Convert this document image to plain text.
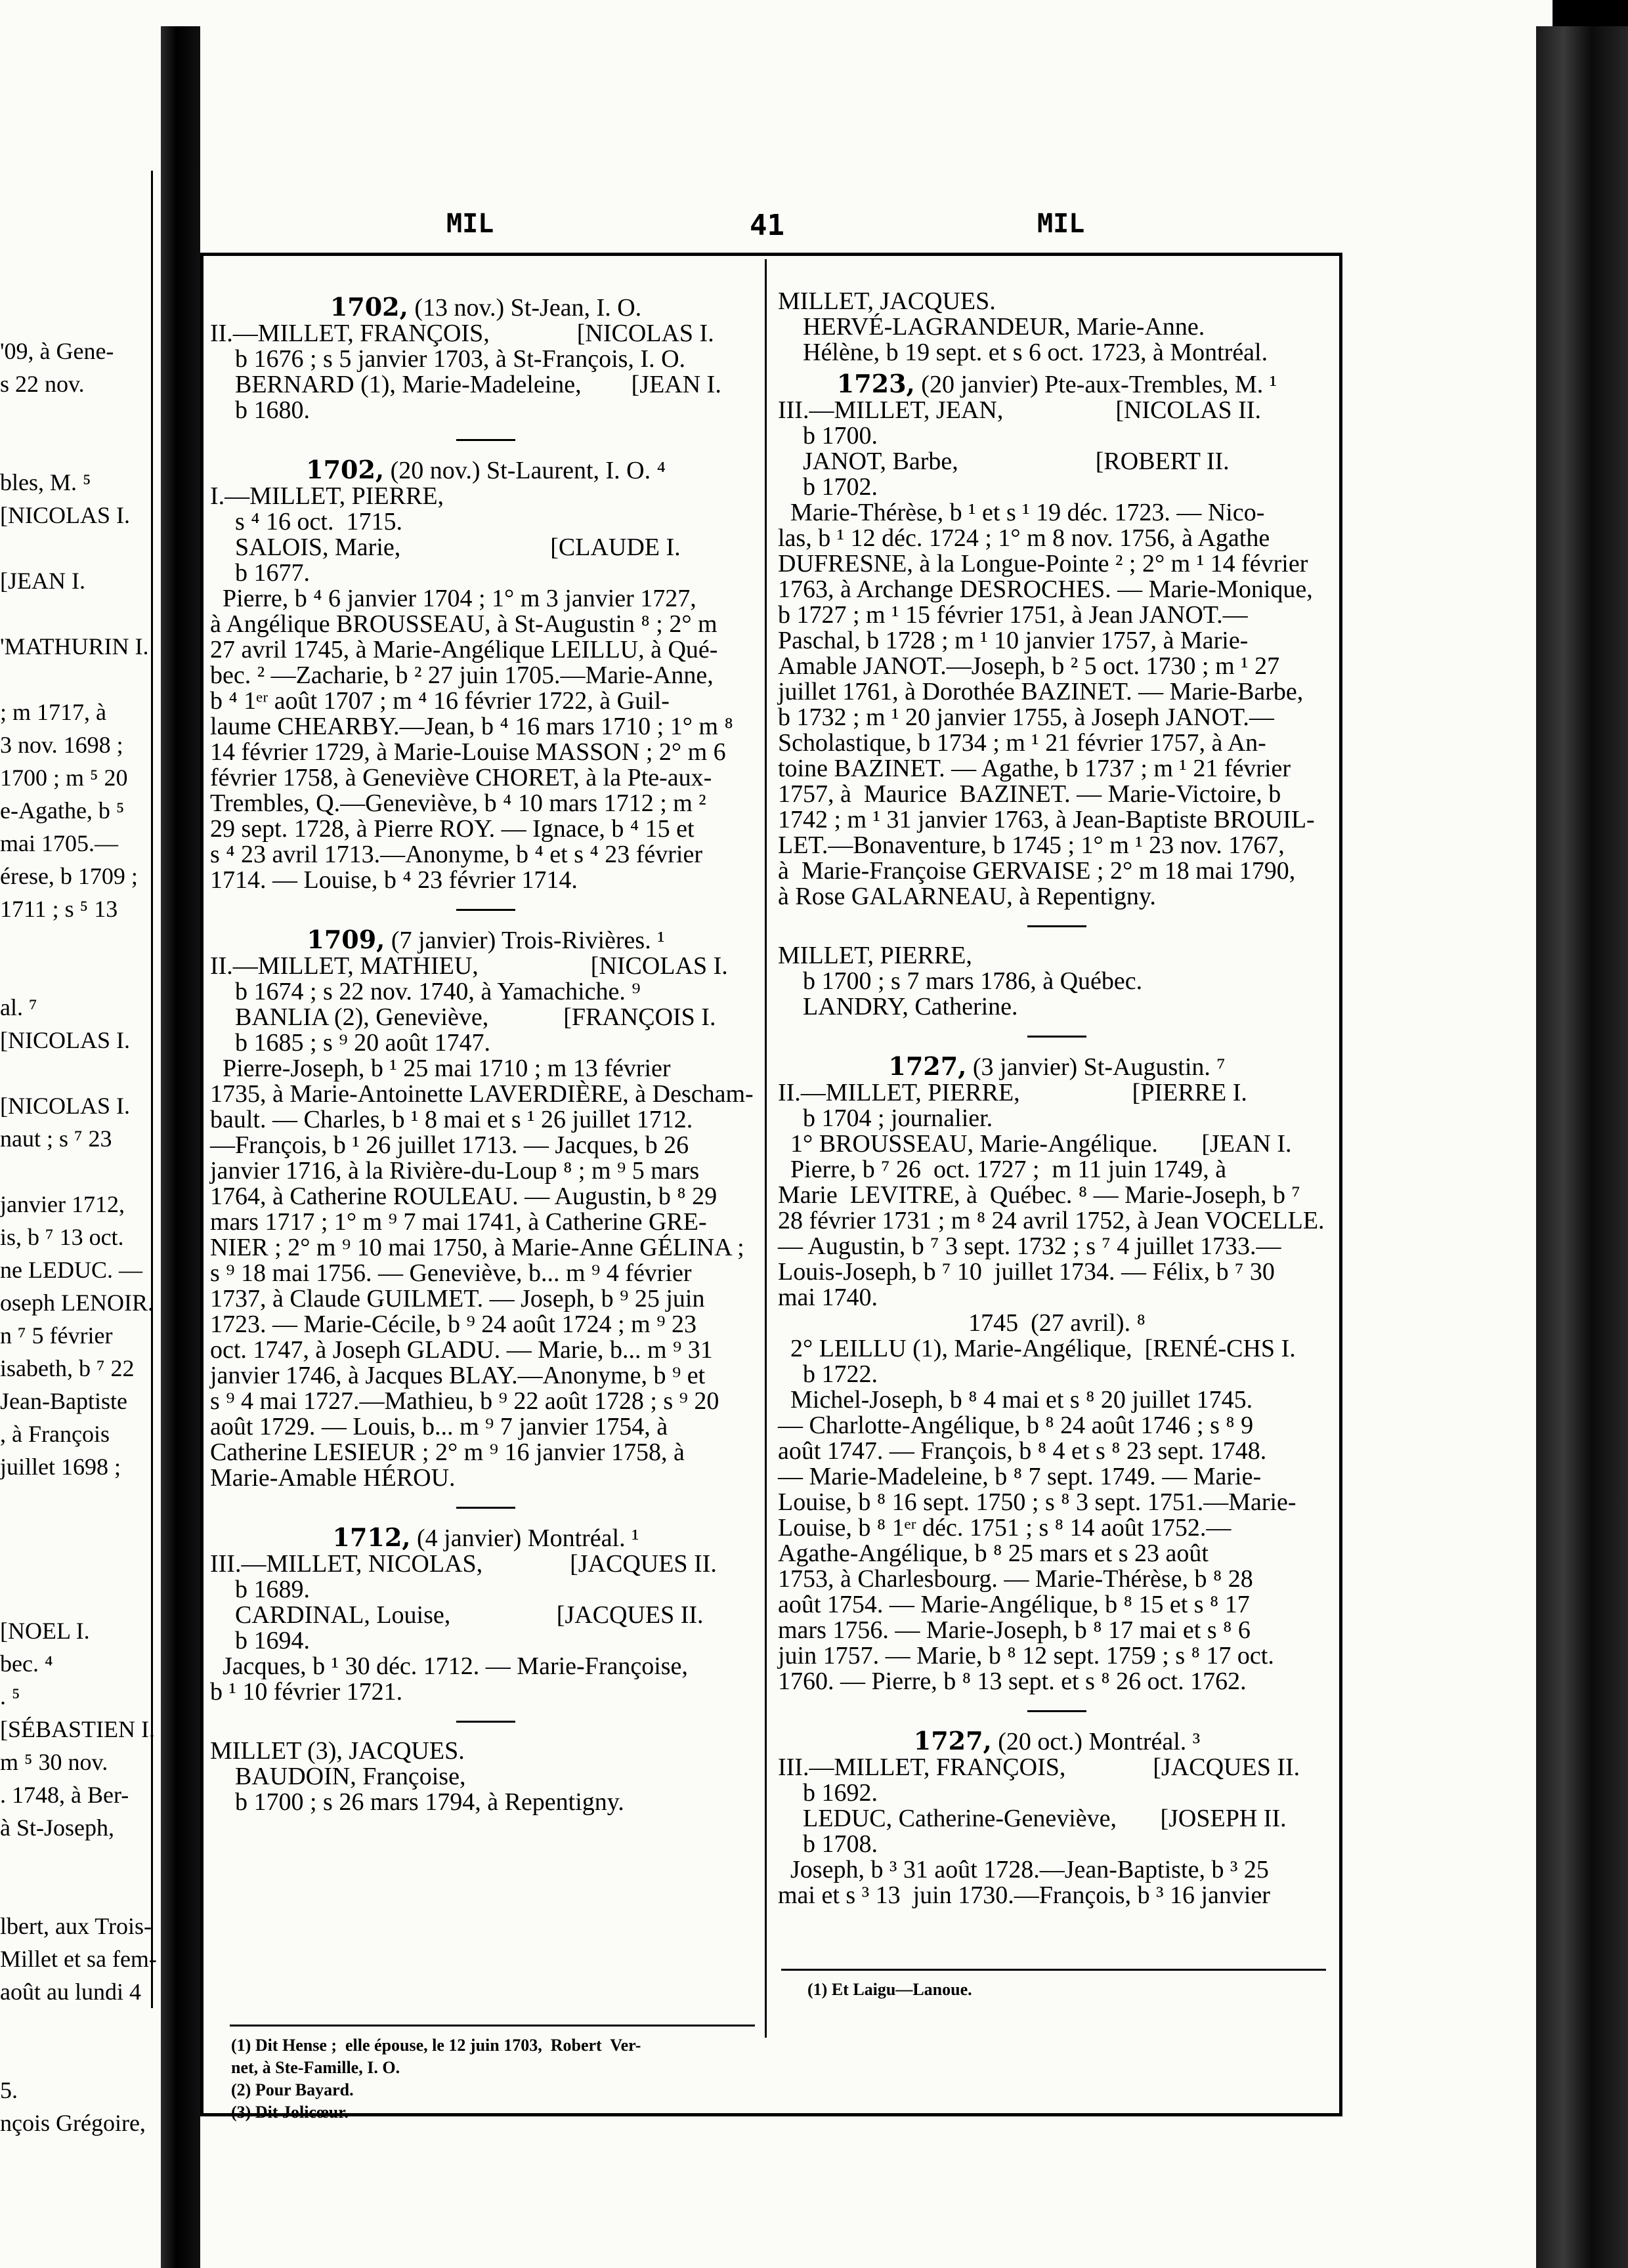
'09, à Gene-
s 22 nov.

bles, M. ⁵
[NICOLAS I.

[JEAN I.

'MATHURIN I.

; m 1717, à
3 nov. 1698 ;
1700 ; m ⁵ 20
e-Agathe, b ⁵
mai 1705.—
érese, b 1709 ;
1711 ; s ⁵ 13

al. ⁷
[NICOLAS I.

[NICOLAS I.
naut ; s ⁷ 23

janvier 1712,
is, b ⁷ 13 oct.
ne LEDUC. —
oseph LENOIR.
n ⁷ 5 février
isabeth, b ⁷ 22
Jean-Baptiste
, à François
juillet 1698 ;

[NOEL I.
bec. ⁴
. ⁵
[SÉBASTIEN I.
m ⁵ 30 nov.
. 1748, à Ber-
à St-Joseph,

lbert, aux Trois-
Millet et sa fem-
août au lundi 4

5.
nçois Grégoire,
MIL	41	MIL
1702, (13 nov.) St-Jean, I. O.
II.—MILLET, FRANÇOIS,              [NICOLAS I.
b 1676 ; s 5 janvier 1703, à St-François, I. O.
BERNARD (1), Marie-Madeleine,        [JEAN I.
b 1680.
1702, (20 nov.) St-Laurent, I. O. ⁴
I.—MILLET, PIERRE,
s ⁴ 16 oct.  1715.
SALOIS, Marie,                        [CLAUDE I.
b 1677.
Pierre, b ⁴ 6 janvier 1704 ; 1° m 3 janvier 1727,
à Angélique BROUSSEAU, à St-Augustin ⁸ ; 2° m
27 avril 1745, à Marie-Angélique LEILLU, à Qué-
bec. ² —Zacharie, b ² 27 juin 1705.—Marie-Anne,
b ⁴ 1ᵉʳ août 1707 ; m ⁴ 16 février 1722, à Guil-
laume CHEARBY.—Jean, b ⁴ 16 mars 1710 ; 1° m ⁸
14 février 1729, à Marie-Louise MASSON ; 2° m 6
février 1758, à Geneviève CHORET, à la Pte-aux-
Trembles, Q.—Geneviève, b ⁴ 10 mars 1712 ; m ²
29 sept. 1728, à Pierre ROY. — Ignace, b ⁴ 15 et
s ⁴ 23 avril 1713.—Anonyme, b ⁴ et s ⁴ 23 février
1714. — Louise, b ⁴ 23 février 1714.
1709, (7 janvier) Trois-Rivières. ¹
II.—MILLET, MATHIEU,                  [NICOLAS I.
b 1674 ; s 22 nov. 1740, à Yamachiche. ⁹
BANLIA (2), Geneviève,            [FRANÇOIS I.
b 1685 ; s ⁹ 20 août 1747.
Pierre-Joseph, b ¹ 25 mai 1710 ; m 13 février
1735, à Marie-Antoinette LAVERDIÈRE, à Descham-
bault. — Charles, b ¹ 8 mai et s ¹ 26 juillet 1712.
—François, b ¹ 26 juillet 1713. — Jacques, b 26
janvier 1716, à la Rivière-du-Loup ⁸ ; m ⁹ 5 mars
1764, à Catherine ROULEAU. — Augustin, b ⁸ 29
mars 1717 ; 1° m ⁹ 7 mai 1741, à Catherine GRE-
NIER ; 2° m ⁹ 10 mai 1750, à Marie-Anne GÉLINA ;
s ⁹ 18 mai 1756. — Geneviève, b... m ⁹ 4 février
1737, à Claude GUILMET. — Joseph, b ⁹ 25 juin
1723. — Marie-Cécile, b ⁹ 24 août 1724 ; m ⁹ 23
oct. 1747, à Joseph GLADU. — Marie, b... m ⁹ 31
janvier 1746, à Jacques BLAY.—Anonyme, b ⁹ et
s ⁹ 4 mai 1727.—Mathieu, b ⁹ 22 août 1728 ; s ⁹ 20
août 1729. — Louis, b... m ⁹ 7 janvier 1754, à
Catherine LESIEUR ; 2° m ⁹ 16 janvier 1758, à
Marie-Amable HÉROU.
1712, (4 janvier) Montréal. ¹
III.—MILLET, NICOLAS,              [JACQUES II.
b 1689.
CARDINAL, Louise,                 [JACQUES II.
b 1694.
Jacques, b ¹ 30 déc. 1712. — Marie-Françoise,
b ¹ 10 février 1721.
MILLET (3), JACQUES.
BAUDOIN, Françoise,
b 1700 ; s 26 mars 1794, à Repentigny.
(1) Dit Hense ;  elle épouse, le 12 juin 1703,  Robert  Ver-
net, à Ste-Famille, I. O.
(2) Pour Bayard.
(3) Dit Jolicœur.
MILLET, JACQUES.
HERVÉ-LAGRANDEUR, Marie-Anne.
Hélène, b 19 sept. et s 6 oct. 1723, à Montréal.
1723, (20 janvier) Pte-aux-Trembles, M. ¹
III.—MILLET, JEAN,                  [NICOLAS II.
b 1700.
JANOT, Barbe,                      [ROBERT II.
b 1702.
Marie-Thérèse, b ¹ et s ¹ 19 déc. 1723. — Nico-
las, b ¹ 12 déc. 1724 ; 1° m 8 nov. 1756, à Agathe
DUFRESNE, à la Longue-Pointe ² ; 2° m ¹ 14 février
1763, à Archange DESROCHES. — Marie-Monique,
b 1727 ; m ¹ 15 février 1751, à Jean JANOT.—
Paschal, b 1728 ; m ¹ 10 janvier 1757, à Marie-
Amable JANOT.—Joseph, b ² 5 oct. 1730 ; m ¹ 27
juillet 1761, à Dorothée BAZINET. — Marie-Barbe,
b 1732 ; m ¹ 20 janvier 1755, à Joseph JANOT.—
Scholastique, b 1734 ; m ¹ 21 février 1757, à An-
toine BAZINET. — Agathe, b 1737 ; m ¹ 21 février
1757, à  Maurice  BAZINET. — Marie-Victoire, b
1742 ; m ¹ 31 janvier 1763, à Jean-Baptiste BROUIL-
LET.—Bonaventure, b 1745 ; 1° m ¹ 23 nov. 1767,
à  Marie-Françoise GERVAISE ; 2° m 18 mai 1790,
à Rose GALARNEAU, à Repentigny.
MILLET, PIERRE,
b 1700 ; s 7 mars 1786, à Québec.
LANDRY, Catherine.
1727, (3 janvier) St-Augustin. ⁷
II.—MILLET, PIERRE,                  [PIERRE I.
b 1704 ; journalier.
1° BROUSSEAU, Marie-Angélique.       [JEAN I.
Pierre, b ⁷ 26  oct. 1727 ;  m 11 juin 1749, à
Marie  LEVITRE, à  Québec. ⁸ — Marie-Joseph, b ⁷
28 février 1731 ; m ⁸ 24 avril 1752, à Jean VOCELLE.
— Augustin, b ⁷ 3 sept. 1732 ; s ⁷ 4 juillet 1733.—
Louis-Joseph, b ⁷ 10  juillet 1734. — Félix, b ⁷ 30
mai 1740.
1745  (27 avril). ⁸
2° LEILLU (1), Marie-Angélique,  [RENÉ-CHS I.
b 1722.
Michel-Joseph, b ⁸ 4 mai et s ⁸ 20 juillet 1745.
— Charlotte-Angélique, b ⁸ 24 août 1746 ; s ⁸ 9
août 1747. — François, b ⁸ 4 et s ⁸ 23 sept. 1748.
— Marie-Madeleine, b ⁸ 7 sept. 1749. — Marie-
Louise, b ⁸ 16 sept. 1750 ; s ⁸ 3 sept. 1751.—Marie-
Louise, b ⁸ 1ᵉʳ déc. 1751 ; s ⁸ 14 août 1752.—
Agathe-Angélique, b ⁸ 25 mars et s 23 août
1753, à Charlesbourg. — Marie-Thérèse, b ⁸ 28
août 1754. — Marie-Angélique, b ⁸ 15 et s ⁸ 17
mars 1756. — Marie-Joseph, b ⁸ 17 mai et s ⁸ 6
juin 1757. — Marie, b ⁸ 12 sept. 1759 ; s ⁸ 17 oct.
1760. — Pierre, b ⁸ 13 sept. et s ⁸ 26 oct. 1762.
1727, (20 oct.) Montréal. ³
III.—MILLET, FRANÇOIS,              [JACQUES II.
b 1692.
LEDUC, Catherine-Geneviève,       [JOSEPH II.
b 1708.
Joseph, b ³ 31 août 1728.—Jean-Baptiste, b ³ 25
mai et s ³ 13  juin 1730.—François, b ³ 16 janvier
(1) Et Laigu—Lanoue.
